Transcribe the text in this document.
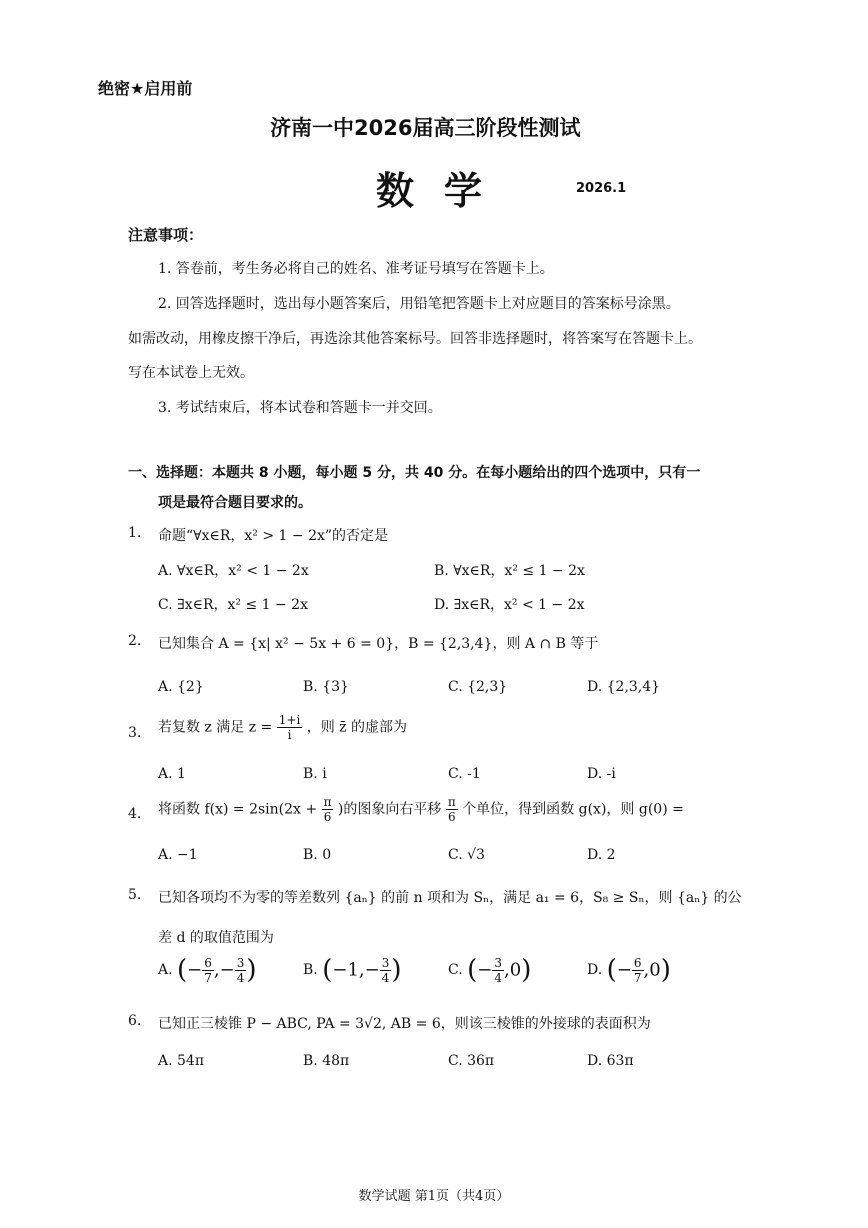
绝密★启用前
济南一中2026届高三阶段性测试
数学	2026.1
注意事项：
1. 答卷前，考生务必将自己的姓名、准考证号填写在答题卡上。
2. 回答选择题时，选出每小题答案后，用铅笔把答题卡上对应题目的答案标号涂黑。
如需改动，用橡皮擦干净后，再选涂其他答案标号。回答非选择题时，将答案写在答题卡上。
写在本试卷上无效。
3. 考试结束后，将本试卷和答题卡一并交回。
一、选择题：本题共 8 小题，每小题 5 分，共 40 分。在每小题给出的四个选项中，只有一
项是最符合题目要求的。
1. 命题“∀x∈R，x² > 1 − 2x”的否定是
A. ∀x∈R，x² < 1 − 2x	B. ∀x∈R，x² ≤ 1 − 2x
C. ∃x∈R，x² ≤ 1 − 2x	D. ∃x∈R，x² < 1 − 2x
2. 已知集合 A = {x| x² − 5x + 6 = 0}，B = {2,3,4}，则 A ∩ B 等于
A. {2}	B. {3}	C. {2,3}	D. {2,3,4}
3. 若复数 z 满足 $z = \frac{1+i}{i}$ ，则 z̄ 的虚部为
A. 1	B. i	C. -1	D. -i
4. 将函数 $f(x) = 2\sin(2x + \frac{\pi}{6}$ )的图象向右平移 $\frac{\pi}{6}$ 个单位，得到函数 g(x)，则 g(0) =
A. −1	B. 0	C. √3	D. 2
5. 已知各项均不为零的等差数列 {aₙ} 的前 n 项和为 Sₙ，满足 a₁ = 6，S₈ ≥ Sₙ，则 {aₙ} 的公
差 d 的取值范围为
A. (− $\frac{6}{7}$ ,− $\frac{3}{4}$ )	B. ($-1,- \frac{3}{4}$ )	C. (− $\frac{3}{4} ,0$)	D. (− $\frac{6}{7} ,0$)
6. 已知正三棱锥 P − ABC, PA = 3√2, AB = 6，则该三棱锥的外接球的表面积为
A. 54π	B. 48π	C. 36π	D. 63π
数学试题 第1页（共4页）
